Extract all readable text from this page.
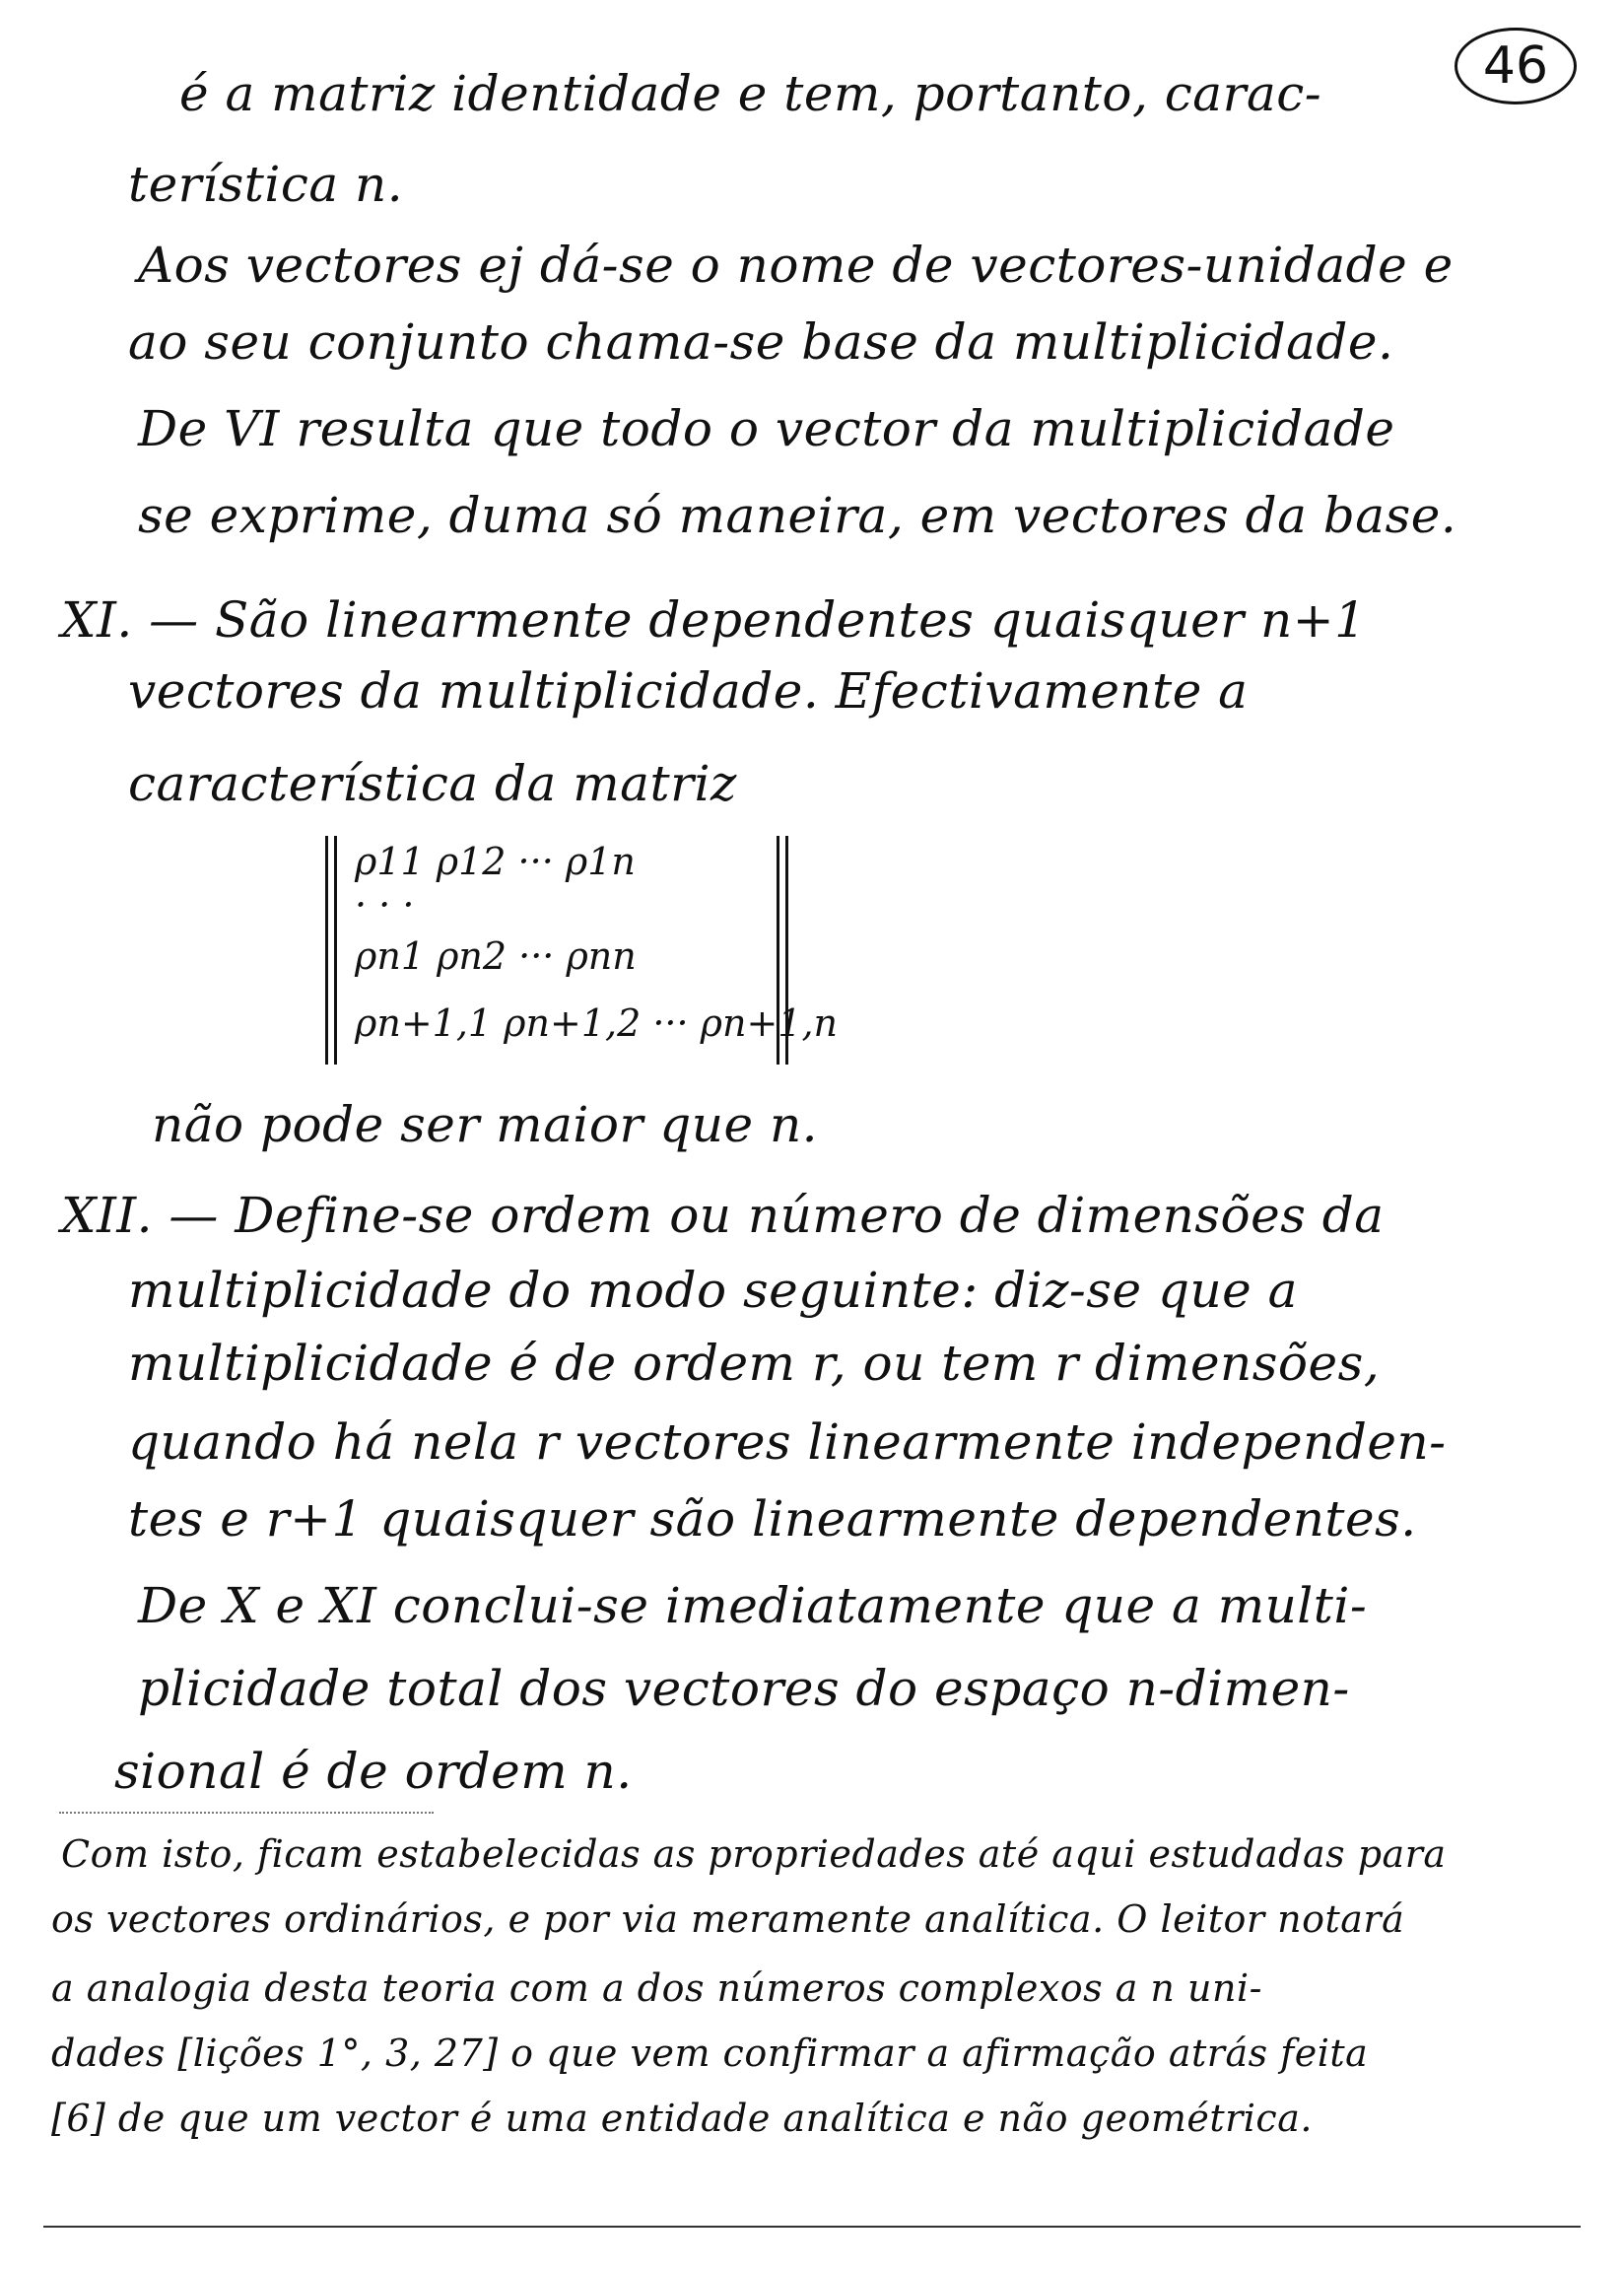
46
é a matriz identidade e tem, portanto, carac-
terística n.
Aos vectores ej dá-se o nome de vectores-unidade e
ao seu conjunto chama-se base da multiplicidade.
De VI resulta que todo o vector da multiplicidade
se exprime, duma só maneira, em vectores da base.
XI. — São linearmente dependentes quaisquer n+1
vectores da multiplicidade. Efectivamente a
característica da matriz
ρ11 ρ12 ··· ρ1n
· · ·
ρn1 ρn2 ··· ρnn
ρn+1,1 ρn+1,2 ··· ρn+1,n
não pode ser maior que n.
XII. — Define-se ordem ou número de dimensões da
multiplicidade do modo seguinte: diz-se que a
multiplicidade é de ordem r, ou tem r dimensões,
quando há nela r vectores linearmente independen-
tes e r+1 quaisquer são linearmente dependentes.
De X e XI conclui-se imediatamente que a multi-
plicidade total dos vectores do espaço n-dimen-
sional é de ordem n.
Com isto, ficam estabelecidas as propriedades até aqui estudadas para
os vectores ordinários, e por via meramente analítica. O leitor notará
a analogia desta teoria com a dos números complexos a n uni-
dades [lições 1°, 3, 27] o que vem confirmar a afirmação atrás feita
[6] de que um vector é uma entidade analítica e não geométrica.
